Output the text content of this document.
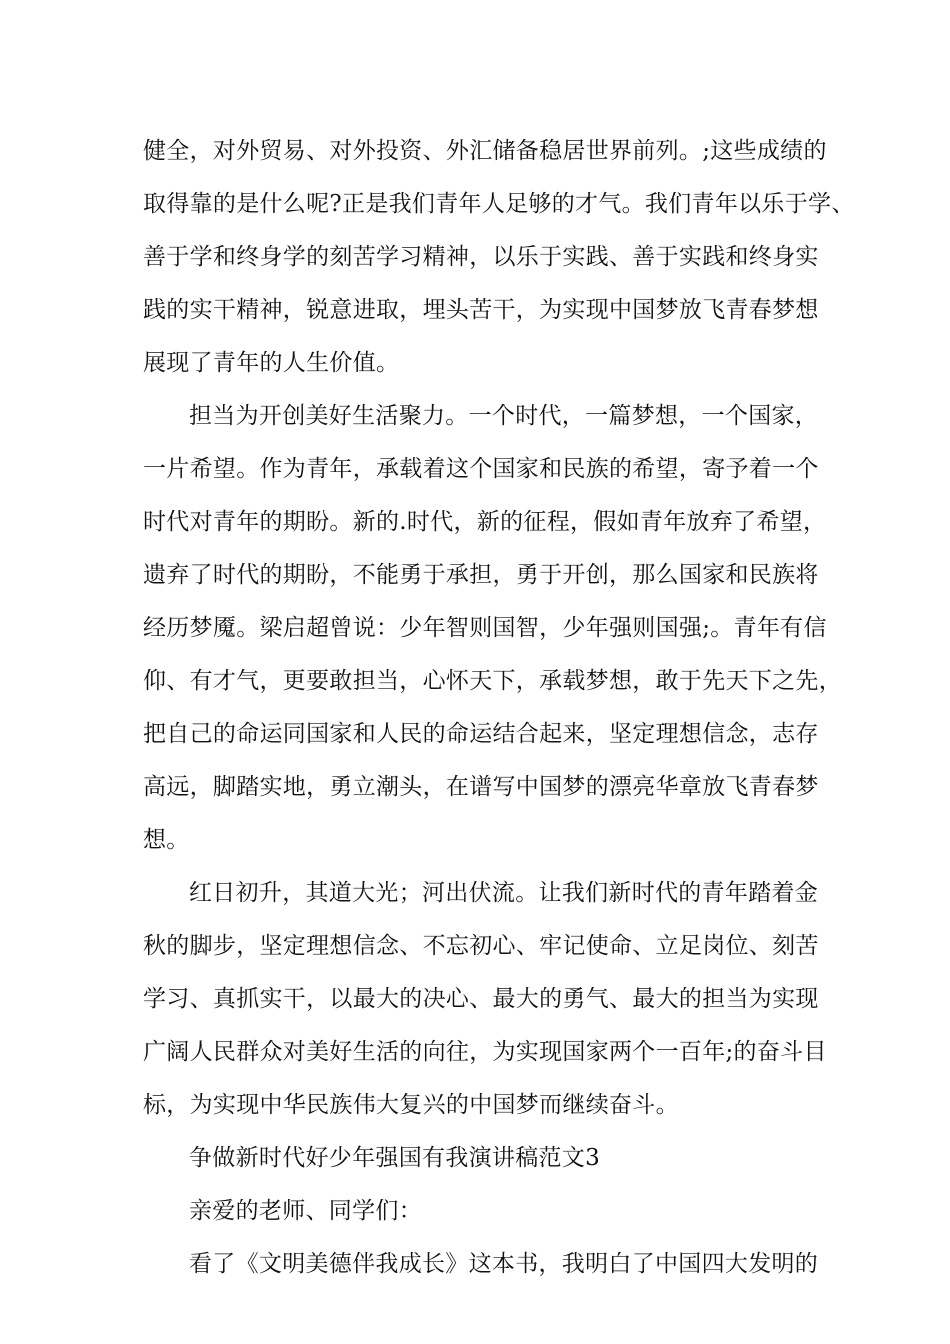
健全，对外贸易、对外投资、外汇储备稳居世界前列。;这些成绩的
取得靠的是什么呢?正是我们青年人足够的才气。我们青年以乐于学、
善于学和终身学的刻苦学习精神，以乐于实践、善于实践和终身实
践的实干精神，锐意进取，埋头苦干，为实现中国梦放飞青春梦想
展现了青年的人生价值。
担当为开创美好生活聚力。一个时代，一篇梦想，一个国家，
一片希望。作为青年，承载着这个国家和民族的希望，寄予着一个
时代对青年的期盼。新的.时代，新的征程，假如青年放弃了希望，
遗弃了时代的期盼，不能勇于承担，勇于开创，那么国家和民族将
经历梦魇。梁启超曾说：少年智则国智，少年强则国强;。青年有信
仰、有才气，更要敢担当，心怀天下，承载梦想，敢于先天下之先，
把自己的命运同国家和人民的命运结合起来，坚定理想信念，志存
高远，脚踏实地，勇立潮头，在谱写中国梦的漂亮华章放飞青春梦
想。
红日初升，其道大光；河出伏流。让我们新时代的青年踏着金
秋的脚步，坚定理想信念、不忘初心、牢记使命、立足岗位、刻苦
学习、真抓实干，以最大的决心、最大的勇气、最大的担当为实现
广阔人民群众对美好生活的向往，为实现国家两个一百年;的奋斗目
标，为实现中华民族伟大复兴的中国梦而继续奋斗。
争做新时代好少年强国有我演讲稿范文3
亲爱的老师、同学们：
看了《文明美德伴我成长》这本书，我明白了中国四大发明的
